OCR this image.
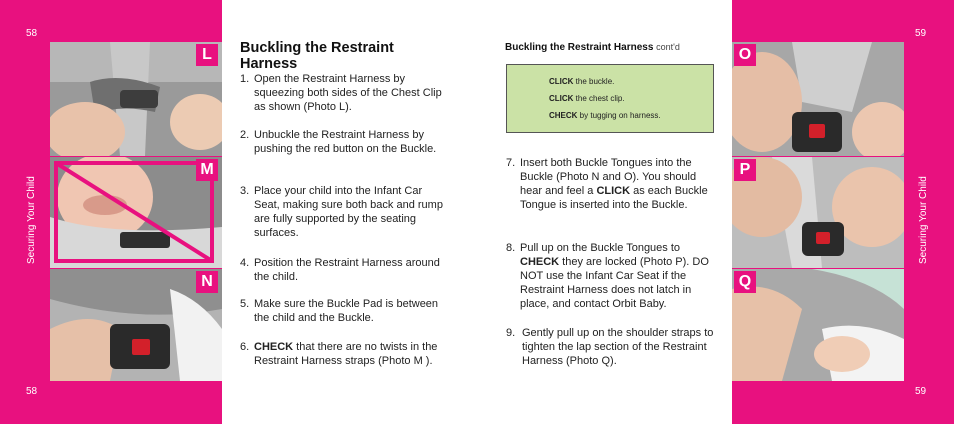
58
58
Securing Your Child
L
M
N
Buckling the Restraint Harness
1. Open the Restraint Harness by squeezing both sides of the Chest Clip as shown (Photo L).
2. Unbuckle the Restraint Harness by pushing the red button on the Buckle.
3. Place your child into the Infant Car Seat, making sure both back and rump are fully supported by the seating surfaces.
4. Position the Restraint Harness around the child.
5. Make sure the Buckle Pad is between the child and the Buckle.
6. CHECK that there are no twists in the Restraint Harness straps (Photo M ).
Buckling the Restraint Harness cont'd
CLICK the buckle.
CLICK the chest clip.
CHECK by tugging on harness.
7. Insert both Buckle Tongues into the Buckle (Photo N and O). You should hear and feel a CLICK as each Buckle Tongue is inserted into the Buckle.
8. Pull up on the Buckle Tongues to CHECK they are locked (Photo P). DO NOT use the Infant Car Seat if the Restraint Harness does not latch in place, and contact Orbit Baby.
9. Gently pull up on the shoulder straps to tighten the lap section of the Restraint Harness (Photo Q).
O
P
Q
59
59
Securing Your Child
